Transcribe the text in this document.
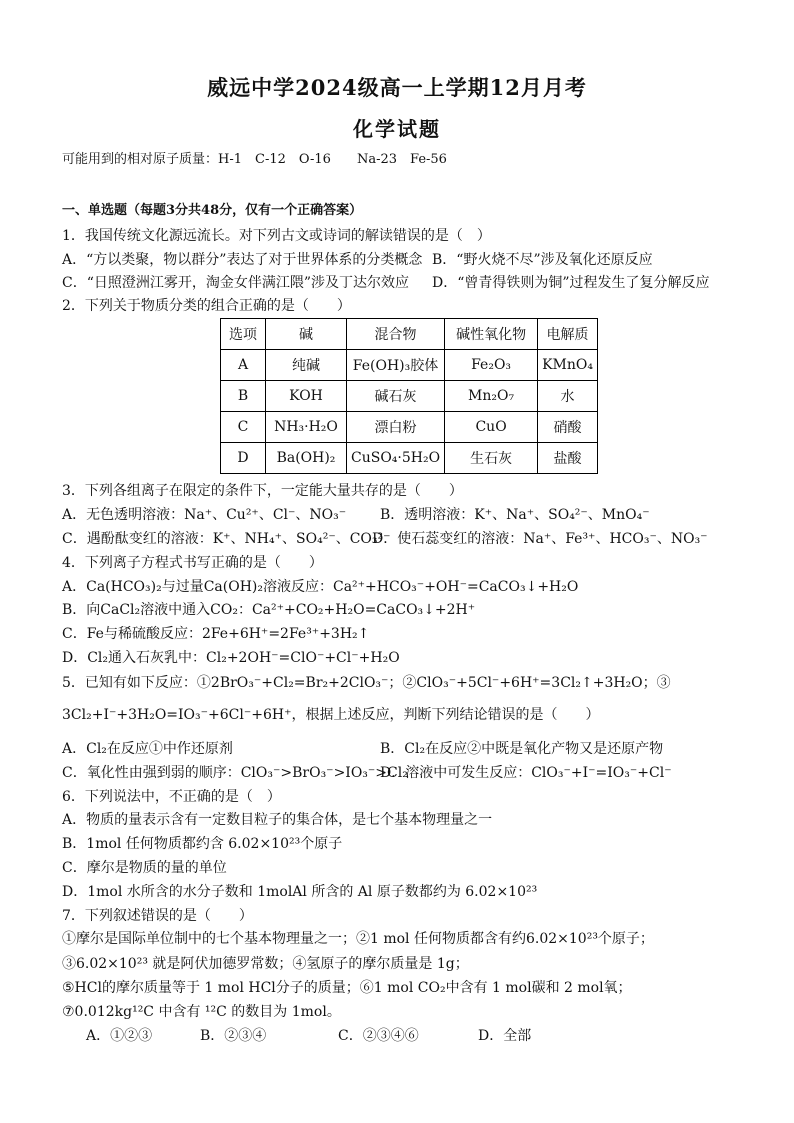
威远中学2024级高一上学期12月月考
化学试题
可能用到的相对原子质量：H-1　C-12　O-16　　Na-23　Fe-56
一、单选题（每题3分共48分，仅有一个正确答案）
1．我国传统文化源远流长。对下列古文或诗词的解读错误的是（　）
A．“方以类聚，物以群分”表达了对于世界体系的分类概念 B．“野火烧不尽”涉及氧化还原反应
C．“日照澄洲江雾开，淘金女伴满江隈”涉及丁达尔效应 D．“曾青得铁则为铜”过程发生了复分解反应
2．下列关于物质分类的组合正确的是（　　）
选项	碱	混合物	碱性氧化物	电解质
A	纯碱	Fe(OH)₃胶体	Fe₂O₃	KMnO₄
B	KOH	碱石灰	Mn₂O₇	水
C	NH₃·H₂O	漂白粉	CuO	硝酸
D	Ba(OH)₂	CuSO₄·5H₂O	生石灰	盐酸
3．下列各组离子在限定的条件下，一定能大量共存的是（　　）
A．无色透明溶液：Na⁺、Cu²⁺、Cl⁻、NO₃⁻ B．透明溶液：K⁺、Na⁺、SO₄²⁻、MnO₄⁻
C．遇酚酞变红的溶液：K⁺、NH₄⁺、SO₄²⁻、CO₃²⁻
D．使石蕊变红的溶液：Na⁺、Fe³⁺、HCO₃⁻、NO₃⁻
4．下列离子方程式书写正确的是（　　）
A．Ca(HCO₃)₂与过量Ca(OH)₂溶液反应：Ca²⁺+HCO₃⁻+OH⁻=CaCO₃↓+H₂O
B．向CaCl₂溶液中通入CO₂：Ca²⁺+CO₂+H₂O=CaCO₃↓+2H⁺
C．Fe与稀硫酸反应：2Fe+6H⁺=2Fe³⁺+3H₂↑
D．Cl₂通入石灰乳中：Cl₂+2OH⁻=ClO⁻+Cl⁻+H₂O
5．已知有如下反应：①2BrO₃⁻+Cl₂=Br₂+2ClO₃⁻；②ClO₃⁻+5Cl⁻+6H⁺=3Cl₂↑+3H₂O；③
3Cl₂+I⁻+3H₂O=IO₃⁻+6Cl⁻+6H⁺，根据上述反应，判断下列结论错误的是（　　）
A．Cl₂在反应①中作还原剂	B．Cl₂在反应②中既是氧化产物又是还原产物
C．氧化性由强到弱的顺序：ClO₃⁻>BrO₃⁻>IO₃⁻>Cl₂
D．溶液中可发生反应：ClO₃⁻+I⁻=IO₃⁻+Cl⁻
6．下列说法中，不正确的是（　）
A．物质的量表示含有一定数目粒子的集合体，是七个基本物理量之一
B．1mol 任何物质都约含 6.02×10²³个原子
C．摩尔是物质的量的单位
D．1mol 水所含的水分子数和 1molAl 所含的 Al 原子数都约为 6.02×10²³
7．下列叙述错误的是（　　）
①摩尔是国际单位制中的七个基本物理量之一；②1 mol 任何物质都含有约6.02×10²³个原子；
③6.02×10²³ 就是阿伏加德罗常数；④氢原子的摩尔质量是 1g；
⑤HCl的摩尔质量等于 1 mol HCl分子的质量；⑥1 mol CO₂中含有 1 mol碳和 2 mol氧；
⑦0.012kg¹²C 中含有 ¹²C 的数目为 1mol。
A．①②③	B．②③④	C．②③④⑥	D．全部
